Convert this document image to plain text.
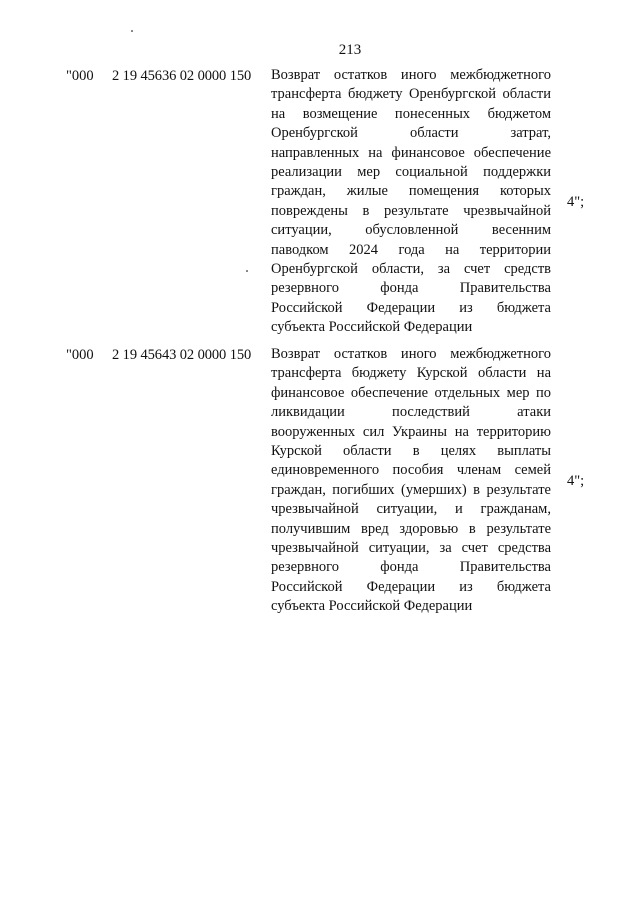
213
"000 2 19 45636 02 0000 150 Возврат остатков иного межбюджетного
трансферта бюджету Оренбургской области
на возмещение понесенных бюджетом
Оренбургской области затрат,
направленных на финансовое обеспечение
реализации мер социальной поддержки
граждан, жилые помещения которых
повреждены в результате чрезвычайной
ситуации, обусловленной весенним
паводком 2024 года на территории
Оренбургской области, за счет средств
резервного фонда Правительства
Российской Федерации из бюджета
субъекта Российской Федерации
4";
"000 2 19 45643 02 0000 150 Возврат остатков иного межбюджетного
трансферта бюджету Курской области на
финансовое обеспечение отдельных мер по
ликвидации последствий атаки
вооруженных сил Украины на территорию
Курской области в целях выплаты
единовременного пособия членам семей
граждан, погибших (умерших) в результате
чрезвычайной ситуации, и гражданам,
получившим вред здоровью в результате
чрезвычайной ситуации, за счет средства
резервного фонда Правительства
Российской Федерации из бюджета
субъекта Российской Федерации
4";
